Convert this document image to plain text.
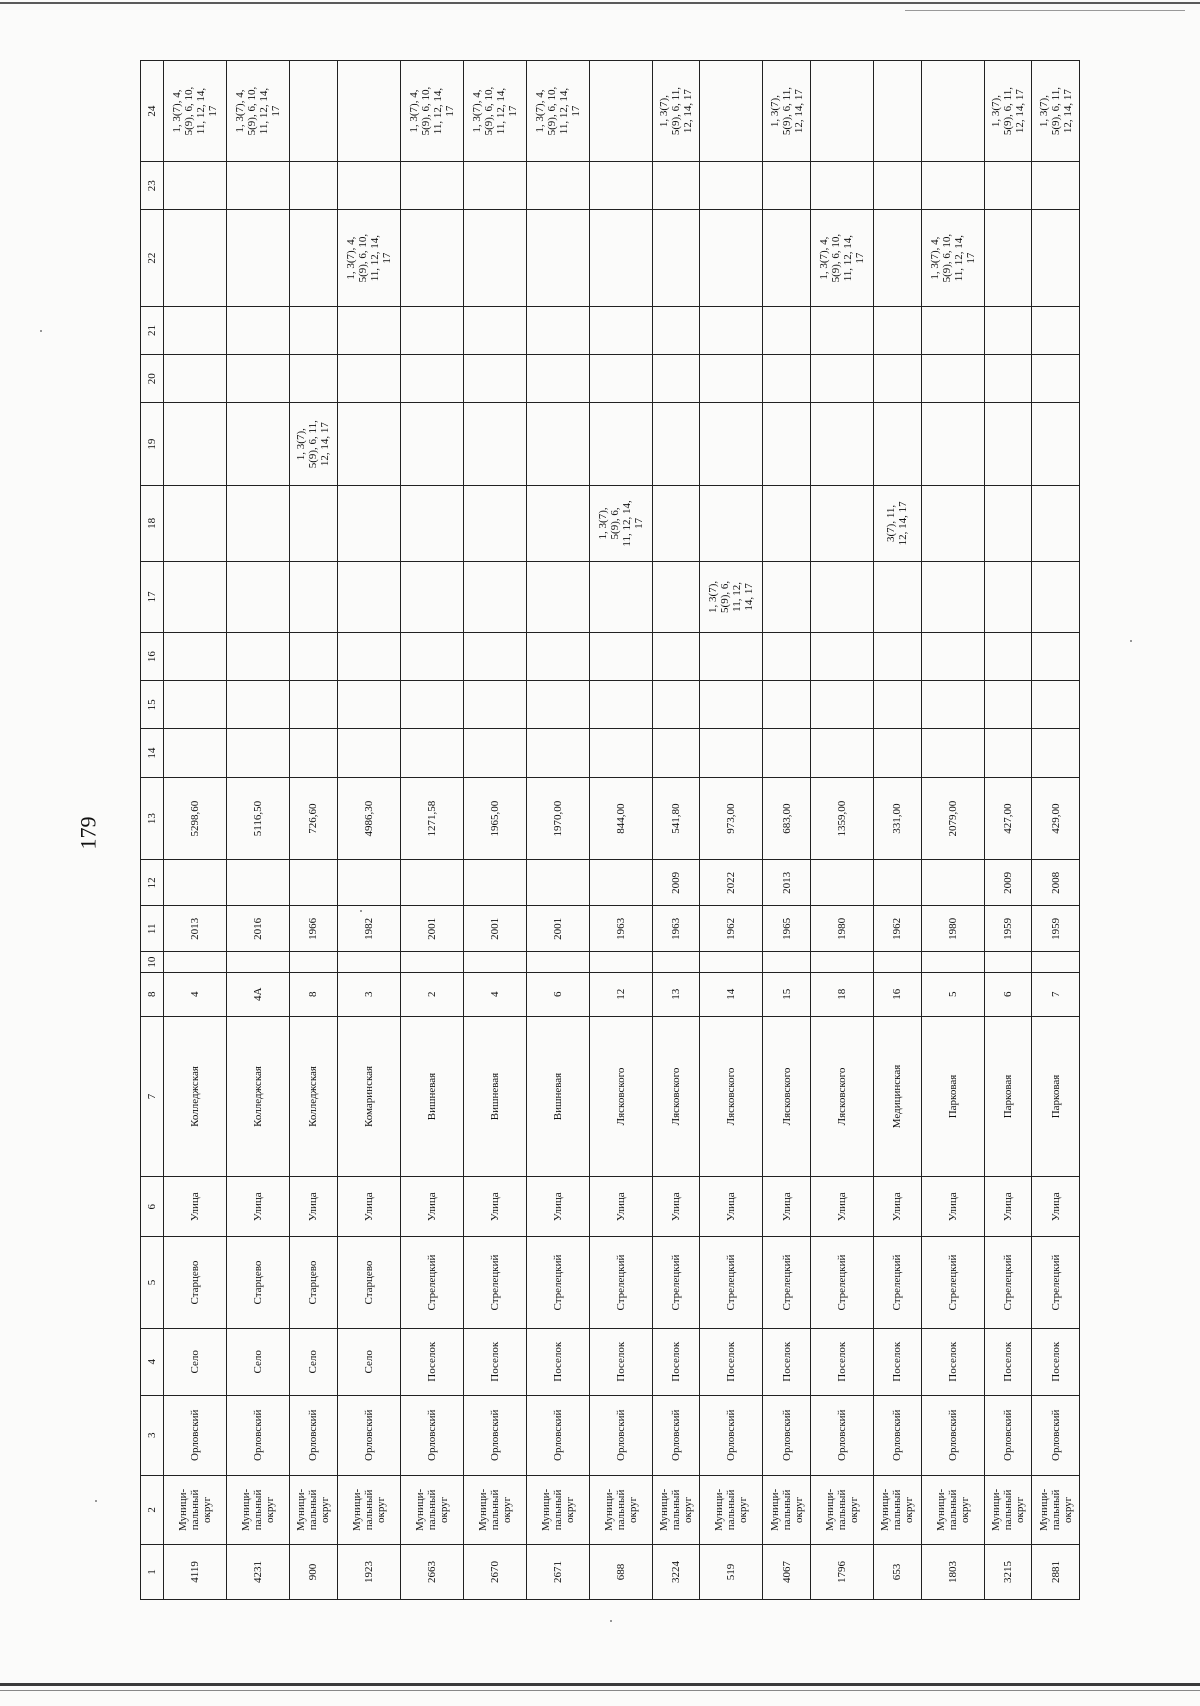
179
1	2	3	4	5	6	7	8	10	11	12	13	14	15	16	17	18	19	20	21	22	23	24
4119	Муници-
пальный
округ	Орловский	Село	Старцево	Улица	Колледжская	4		2013		5298,60											1, 3(7), 4,
5(9), 6, 10,
11, 12, 14,
17
4231	Муници-
пальный
округ	Орловский	Село	Старцево	Улица	Колледжская	4А		2016		5116,50											1, 3(7), 4,
5(9), 6, 10,
11, 12, 14,
17
900	Муници-
пальный
округ	Орловский	Село	Старцево	Улица	Колледжская	8		1966		726,60						1, 3(7),
5(9), 6, 11,
12, 14, 17					
1923	Муници-
пальный
округ	Орловский	Село	Старцево	Улица	Комаринская	3		1982		4986,30									1, 3(7), 4,
5(9), 6, 10,
11, 12, 14,
17		
2663	Муници-
пальный
округ	Орловский	Поселок	Стрелецкий	Улица	Вишневая	2		2001		1271,58											1, 3(7), 4,
5(9), 6, 10,
11, 12, 14,
17
2670	Муници-
пальный
округ	Орловский	Поселок	Стрелецкий	Улица	Вишневая	4		2001		1965,00											1, 3(7), 4,
5(9), 6, 10,
11, 12, 14,
17
2671	Муници-
пальный
округ	Орловский	Поселок	Стрелецкий	Улица	Вишневая	6		2001		1970,00											1, 3(7), 4,
5(9), 6, 10,
11, 12, 14,
17
688	Муници-
пальный
округ	Орловский	Поселок	Стрелецкий	Улица	Лясковского	12		1963		844,00					1, 3(7),
5(9), 6,
11, 12, 14,
17						
3224	Муници-
пальный
округ	Орловский	Поселок	Стрелецкий	Улица	Лясковского	13		1963	2009	541,80											1, 3(7),
5(9), 6, 11,
12, 14, 17
519	Муници-
пальный
округ	Орловский	Поселок	Стрелецкий	Улица	Лясковского	14		1962	2022	973,00				1, 3(7),
5(9), 6,
11, 12,
14, 17							
4067	Муници-
пальный
округ	Орловский	Поселок	Стрелецкий	Улица	Лясковского	15		1965	2013	683,00											1, 3(7),
5(9), 6, 11,
12, 14, 17
1796	Муници-
пальный
округ	Орловский	Поселок	Стрелецкий	Улица	Лясковского	18		1980		1359,00									1, 3(7), 4,
5(9), 6, 10,
11, 12, 14,
17		
653	Муници-
пальный
округ	Орловский	Поселок	Стрелецкий	Улица	Медицинская	16		1962		331,00					3(7), 11,
12, 14, 17						
1803	Муници-
пальный
округ	Орловский	Поселок	Стрелецкий	Улица	Парковая	5		1980		2079,00									1, 3(7), 4,
5(9), 6, 10,
11, 12, 14,
17		
3215	Муници-
пальный
округ	Орловский	Поселок	Стрелецкий	Улица	Парковая	6		1959	2009	427,00											1, 3(7),
5(9), 6, 11,
12, 14, 17
2881	Муници-
пальный
округ	Орловский	Поселок	Стрелецкий	Улица	Парковая	7		1959	2008	429,00											1, 3(7),
5(9), 6, 11,
12, 14, 17
